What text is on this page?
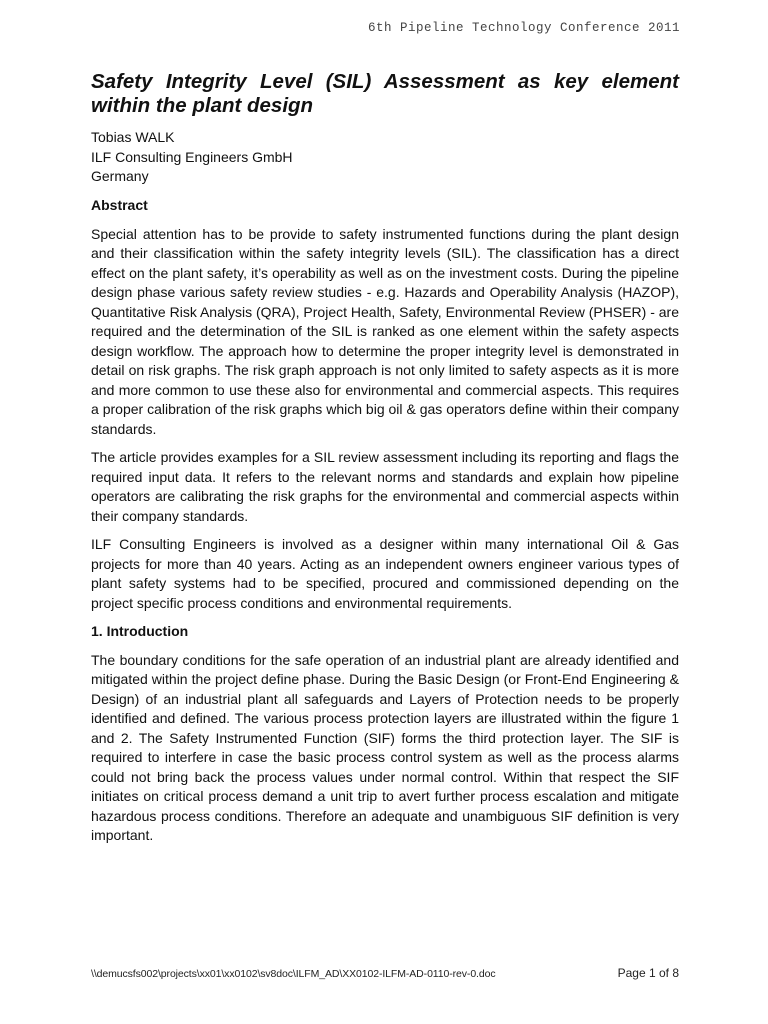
6th Pipeline Technology Conference 2011
Safety Integrity Level (SIL) Assessment as key element within the plant design
Tobias WALK
ILF Consulting Engineers GmbH
Germany
Abstract

Special attention has to be provide to safety instrumented functions during the plant design and their classification within the safety integrity levels (SIL). The classification has a direct effect on the plant safety, it’s operability as well as on the investment costs. During the pipeline design phase various safety review studies - e.g. Hazards and Operability Analysis (HAZOP), Quantitative Risk Analysis (QRA), Project Health, Safety, Environmental Review (PHSER) - are required and the determination of the SIL is ranked as one element within the safety aspects design workflow. The approach how to determine the proper integrity level is demonstrated in detail on risk graphs. The risk graph approach is not only limited to safety aspects as it is more and more common to use these also for environmental and commercial aspects. This requires a proper calibration of the risk graphs which big oil & gas operators define within their company standards.

The article provides examples for a SIL review assessment including its reporting and flags the required input data. It refers to the relevant norms and standards and explain how pipeline operators are calibrating the risk graphs for the environmental and commercial aspects within their company standards.

ILF Consulting Engineers is involved as a designer within many international Oil & Gas projects for more than 40 years. Acting as an independent owners engineer various types of plant safety systems had to be specified, procured and commissioned depending on the project specific process conditions and environmental requirements.

1. Introduction

The boundary conditions for the safe operation of an industrial plant are already identified and mitigated within the project define phase. During the Basic Design (or Front-End Engineering & Design) of an industrial plant all safeguards and Layers of Protection needs to be properly identified and defined. The various process protection layers are illustrated within the figure 1 and 2. The Safety Instrumented Function (SIF) forms the third protection layer. The SIF is required to interfere in case the basic process control system as well as the process alarms could not bring back the process values under normal control. Within that respect the SIF initiates on critical process demand a unit trip to avert further process escalation and mitigate hazardous process conditions. Therefore an adequate and unambiguous SIF definition is very important.

\\demucsfs002\projects\xx01\xx0102\sv8doc\ILFM_AD\XX0102-ILFM-AD-0110-rev-0.doc	Page 1 of 8
